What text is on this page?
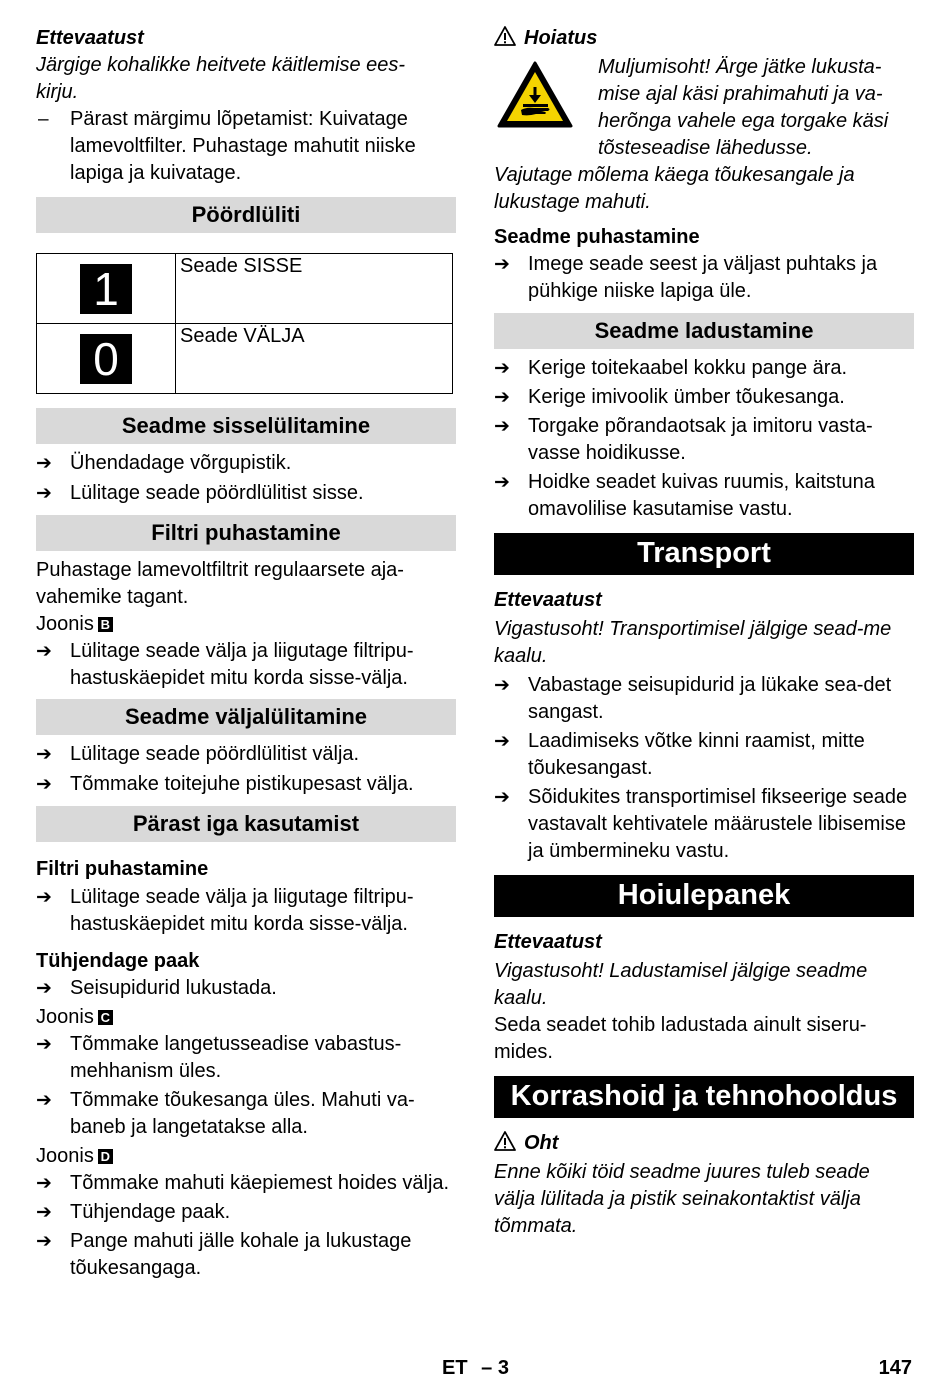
Ettevaatust
Järgige kohalikke heitvete käitlemise ees-kirju.
– Pärast märgimu lõpetamist: Kuivatage lamevoltfilter. Puhastage mahutit niiske lapiga ja kuivatage.
Pöördlüliti
1	Seade SISSE
0	Seade VÄLJA
Seadme sisselülitamine
➔ Ühendadage võrgupistik.
➔ Lülitage seade pöördlülitist sisse.
Filtri puhastamine
Puhastage lamevoltfiltrit regulaarsete aja-vahemike tagant.
Joonis B
➔ Lülitage seade välja ja liigutage filtripu-hastuskäepidet mitu korda sisse-välja.
Seadme väljalülitamine
➔ Lülitage seade pöördlülitist välja.
➔ Tõmmake toitejuhe pistikupesast välja.
Pärast iga kasutamist
Filtri puhastamine
➔ Lülitage seade välja ja liigutage filtripu-hastuskäepidet mitu korda sisse-välja.
Tühjendage paak
➔ Seisupidurid lukustada.
Joonis C
➔ Tõmmake langetusseadise vabastus-mehhanism üles.
➔ Tõmmake tõukesanga üles. Mahuti va-baneb ja langetatakse alla.
Joonis D
➔ Tõmmake mahuti käepiemest hoides välja.
➔ Tühjendage paak.
➔ Pange mahuti jälle kohale ja lukustage tõukesangaga.
Hoiatus
Muljumisoht! Ärge jätke lukusta-mise ajal käsi prahimahuti ja va-herõnga vahele ega torgake käsi tõsteseadise lähedusse.
Vajutage mõlema käega tõukesangale ja lukustage mahuti.
Seadme puhastamine
➔ Imege seade seest ja väljast puhtaks ja pühkige niiske lapiga üle.
Seadme ladustamine
➔ Kerige toitekaabel kokku pange ära.
➔ Kerige imivoolik ümber tõukesanga.
➔ Torgake põrandaotsak ja imitoru vasta-vasse hoidikusse.
➔ Hoidke seadet kuivas ruumis, kaitstuna omavolilise kasutamise vastu.
Transport
Ettevaatust
Vigastusoht! Transportimisel jälgige sead-me kaalu.
➔ Vabastage seisupidurid ja lükake sea-det sangast.
➔ Laadimiseks võtke kinni raamist, mitte tõukesangast.
➔ Sõidukites transportimisel fikseerige seade vastavalt kehtivatele määrustele libisemise ja ümbermineku vastu.
Hoiulepanek
Ettevaatust
Vigastusoht! Ladustamisel jälgige seadme kaalu.
Seda seadet tohib ladustada ainult siseru-mides.
Korrashoid ja tehnohooldus
Oht
Enne kõiki töid seadme juures tuleb seade välja lülitada ja pistik seinakontaktist välja tõmmata.
ET – 3	147
